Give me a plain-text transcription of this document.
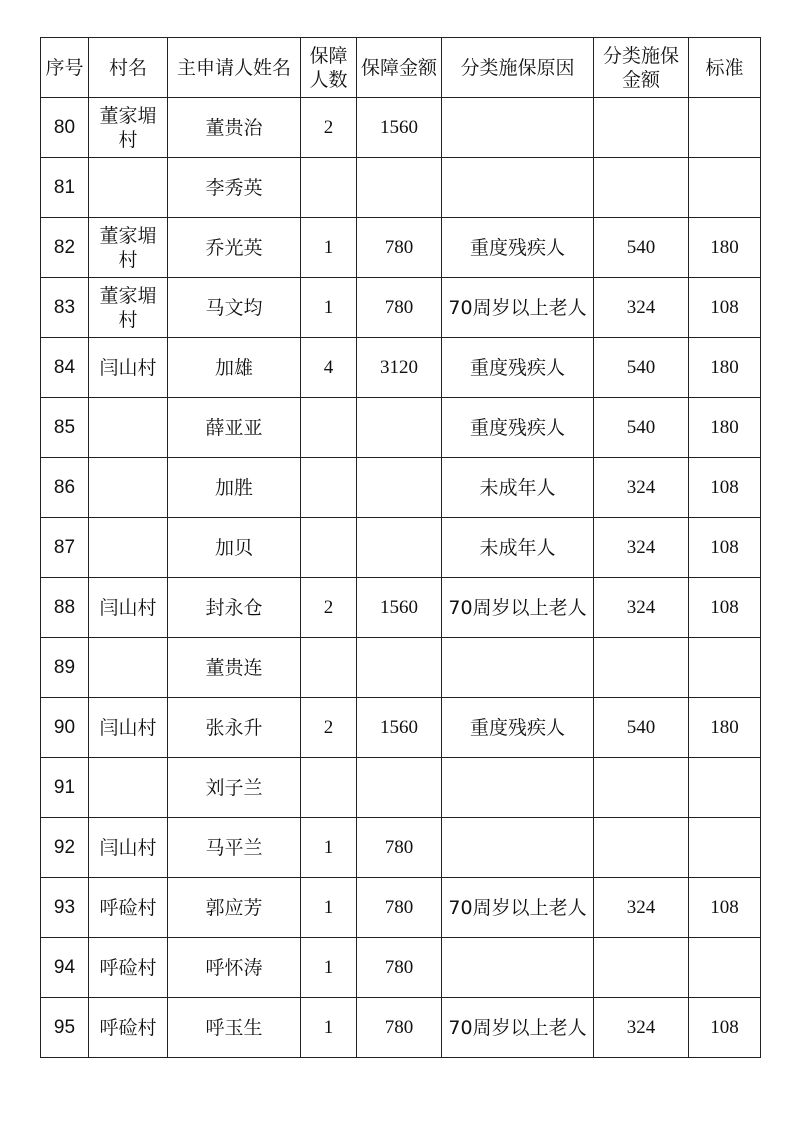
序号	村名	主申请人姓名	保障人数	保障金额	分类施保原因	分类施保金额	标准
80	董家堳村	董贵治	2	1560			
81		李秀英					
82	董家堳村	乔光英	1	780	重度残疾人	540	180
83	董家堳村	马文均	1	780	70周岁以上老人	324	108
84	闫山村	加雄	4	3120	重度残疾人	540	180
85		薛亚亚			重度残疾人	540	180
86		加胜			未成年人	324	108
87		加贝			未成年人	324	108
88	闫山村	封永仓	2	1560	70周岁以上老人	324	108
89		董贵连					
90	闫山村	张永升	2	1560	重度残疾人	540	180
91		刘子兰					
92	闫山村	马平兰	1	780			
93	呼硷村	郭应芳	1	780	70周岁以上老人	324	108
94	呼硷村	呼怀涛	1	780			
95	呼硷村	呼玉生	1	780	70周岁以上老人	324	108
